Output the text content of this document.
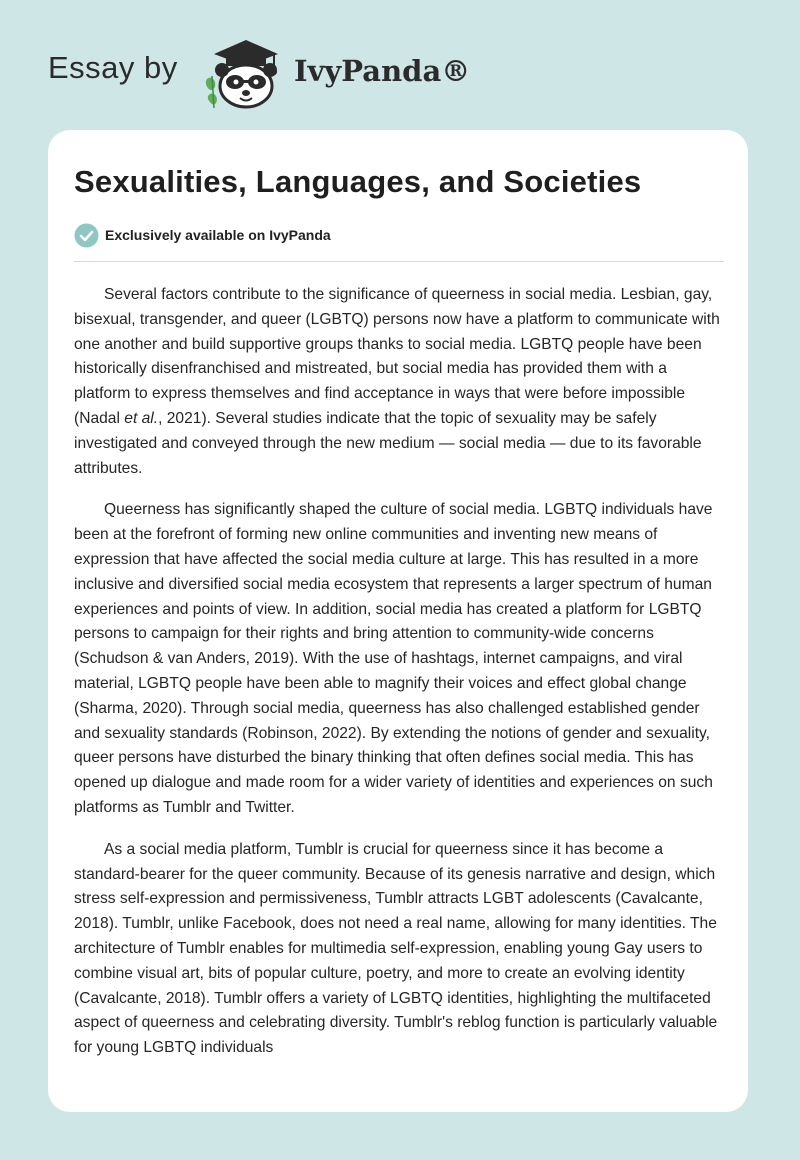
Essay by	IvyPanda®
Sexualities, Languages, and Societies
Exclusively available on IvyPanda

Several factors contribute to the significance of queerness in social media. Lesbian, gay, bisexual, transgender, and queer (LGBTQ) persons now have a platform to communicate with one another and build supportive groups thanks to social media. LGBTQ people have been historically disenfranchised and mistreated, but social media has provided them with a platform to express themselves and find acceptance in ways that were before impossible (Nadal et al., 2021). Several studies indicate that the topic of sexuality may be safely investigated and conveyed through the new medium — social media — due to its favorable attributes.

Queerness has significantly shaped the culture of social media. LGBTQ individuals have been at the forefront of forming new online communities and inventing new means of expression that have affected the social media culture at large. This has resulted in a more inclusive and diversified social media ecosystem that represents a larger spectrum of human experiences and points of view. In addition, social media has created a platform for LGBTQ persons to campaign for their rights and bring attention to community-wide concerns (Schudson & van Anders, 2019). With the use of hashtags, internet campaigns, and viral material, LGBTQ people have been able to magnify their voices and effect global change (Sharma, 2020). Through social media, queerness has also challenged established gender and sexuality standards (Robinson, 2022). By extending the notions of gender and sexuality, queer persons have disturbed the binary thinking that often defines social media. This has opened up dialogue and made room for a wider variety of identities and experiences on such platforms as Tumblr and Twitter.

As a social media platform, Tumblr is crucial for queerness since it has become a standard-bearer for the queer community. Because of its genesis narrative and design, which stress self-expression and permissiveness, Tumblr attracts LGBT adolescents (Cavalcante, 2018). Tumblr, unlike Facebook, does not need a real name, allowing for many identities. The architecture of Tumblr enables for multimedia self-expression, enabling young Gay users to combine visual art, bits of popular culture, poetry, and more to create an evolving identity (Cavalcante, 2018). Tumblr offers a variety of LGBTQ identities, highlighting the multifaceted aspect of queerness and celebrating diversity. Tumblr's reblog function is particularly valuable for young LGBTQ individuals
